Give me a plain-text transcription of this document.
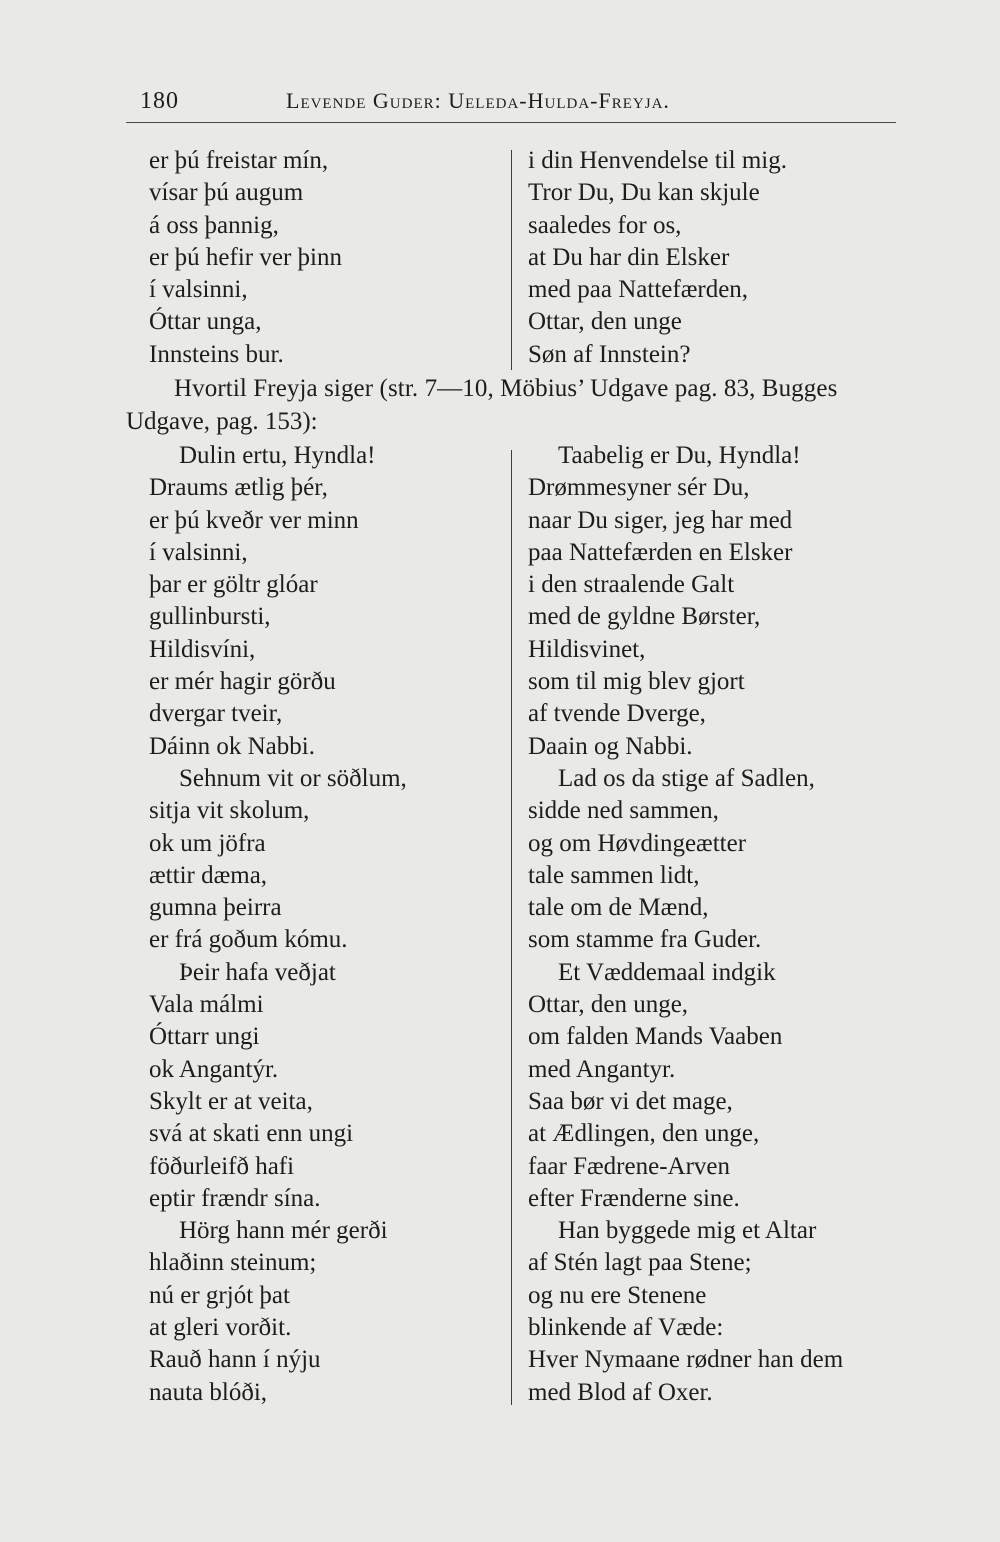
180	Levende Guder: Ueleda-Hulda-Freyja.
er þú freistar mín,
vísar þú augum
á oss þannig,
er þú hefir ver þinn
í valsinni,
Óttar unga,
Innsteins bur.
i din Henvendelse til mig.
Tror Du, Du kan skjule
saaledes for os,
at Du har din Elsker
med paa Nattefærden,
Ottar, den unge
Søn af Innstein?
Hvortil Freyja siger (str. 7—10, Möbius’ Udgave pag. 83, Bugges
Udgave, pag. 153):
Dulin ertu, Hyndla!
Draums ætlig þér,
er þú kveðr ver minn
í valsinni,
þar er göltr glóar
gullinbursti,
Hildisvíni,
er mér hagir görðu
dvergar tveir,
Dáinn ok Nabbi.
Sehnum vit or söðlum,
sitja vit skolum,
ok um jöfra
ættir dæma,
gumna þeirra
er frá goðum kómu.
Þeir hafa veðjat
Vala málmi
Óttarr ungi
ok Angantýr.
Skylt er at veita,
svá at skati enn ungi
föðurleifð hafi
eptir frændr sína.
Hörg hann mér gerði
hlaðinn steinum;
nú er grjót þat
at gleri vorðit.
Rauð hann í nýju
nauta blóði,
Taabelig er Du, Hyndla!
Drømmesyner sér Du,
naar Du siger, jeg har med
paa Nattefærden en Elsker
i den straalende Galt
med de gyldne Børster,
Hildisvinet,
som til mig blev gjort
af tvende Dverge,
Daain og Nabbi.
Lad os da stige af Sadlen,
sidde ned sammen,
og om Høvdingeætter
tale sammen lidt,
tale om de Mænd,
som stamme fra Guder.
Et Væddemaal indgik
Ottar, den unge,
om falden Mands Vaaben
med Angantyr.
Saa bør vi det mage,
at Ædlingen, den unge,
faar Fædrene-Arven
efter Frænderne sine.
Han byggede mig et Altar
af Stén lagt paa Stene;
og nu ere Stenene
blinkende af Væde:
Hver Nymaane rødner han dem
med Blod af Oxer.
